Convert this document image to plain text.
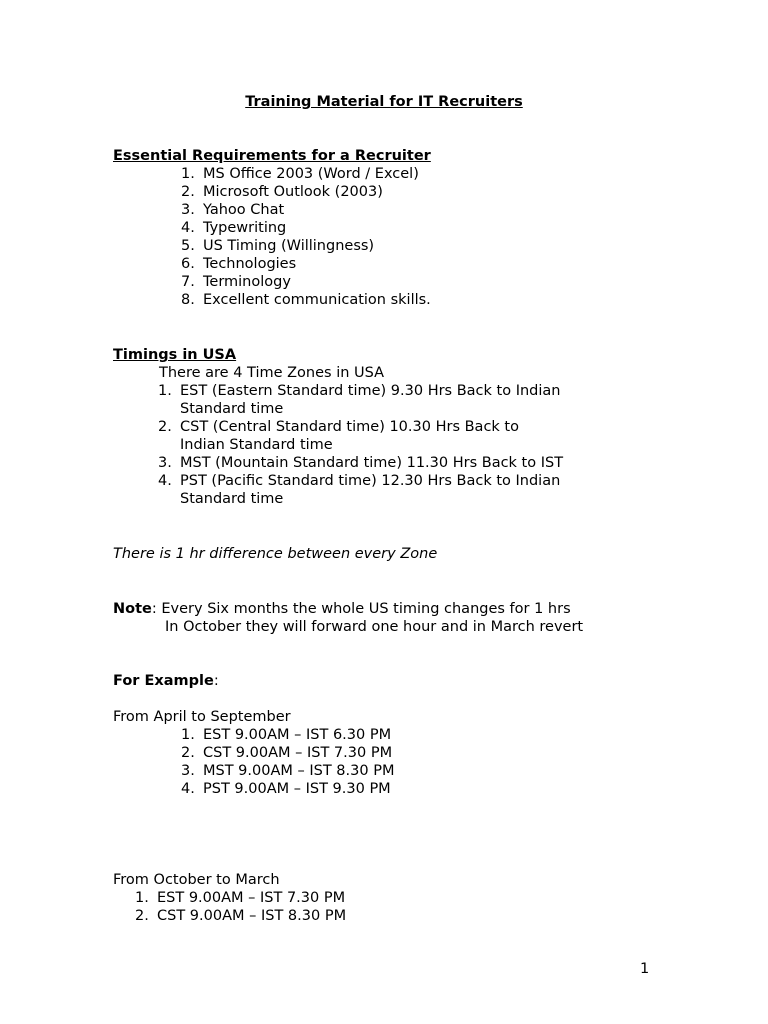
Training Material for IT Recruiters
Essential Requirements for a Recruiter
1. MS Office 2003 (Word / Excel)
2. Microsoft Outlook (2003)
3. Yahoo Chat
4. Typewriting
5. US Timing (Willingness)
6. Technologies
7. Terminology
8. Excellent communication skills.
Timings in USA
There are 4 Time Zones in USA
1. EST (Eastern Standard time) 9.30 Hrs Back to Indian
Standard time
2. CST (Central Standard time) 10.30 Hrs Back to
Indian Standard time
3. MST (Mountain Standard time) 11.30 Hrs Back to IST
4. PST (Pacific Standard time) 12.30 Hrs Back to Indian
Standard time
There is 1 hr difference between every Zone
Note: Every Six months the whole US timing changes for 1 hrs
In October they will forward one hour and in March revert
For Example:
From April to September
1. EST 9.00AM – IST 6.30 PM
2. CST 9.00AM – IST 7.30 PM
3. MST 9.00AM – IST 8.30 PM
4. PST 9.00AM – IST 9.30 PM
From October to March
1. EST 9.00AM – IST 7.30 PM
2. CST 9.00AM – IST 8.30 PM
1
